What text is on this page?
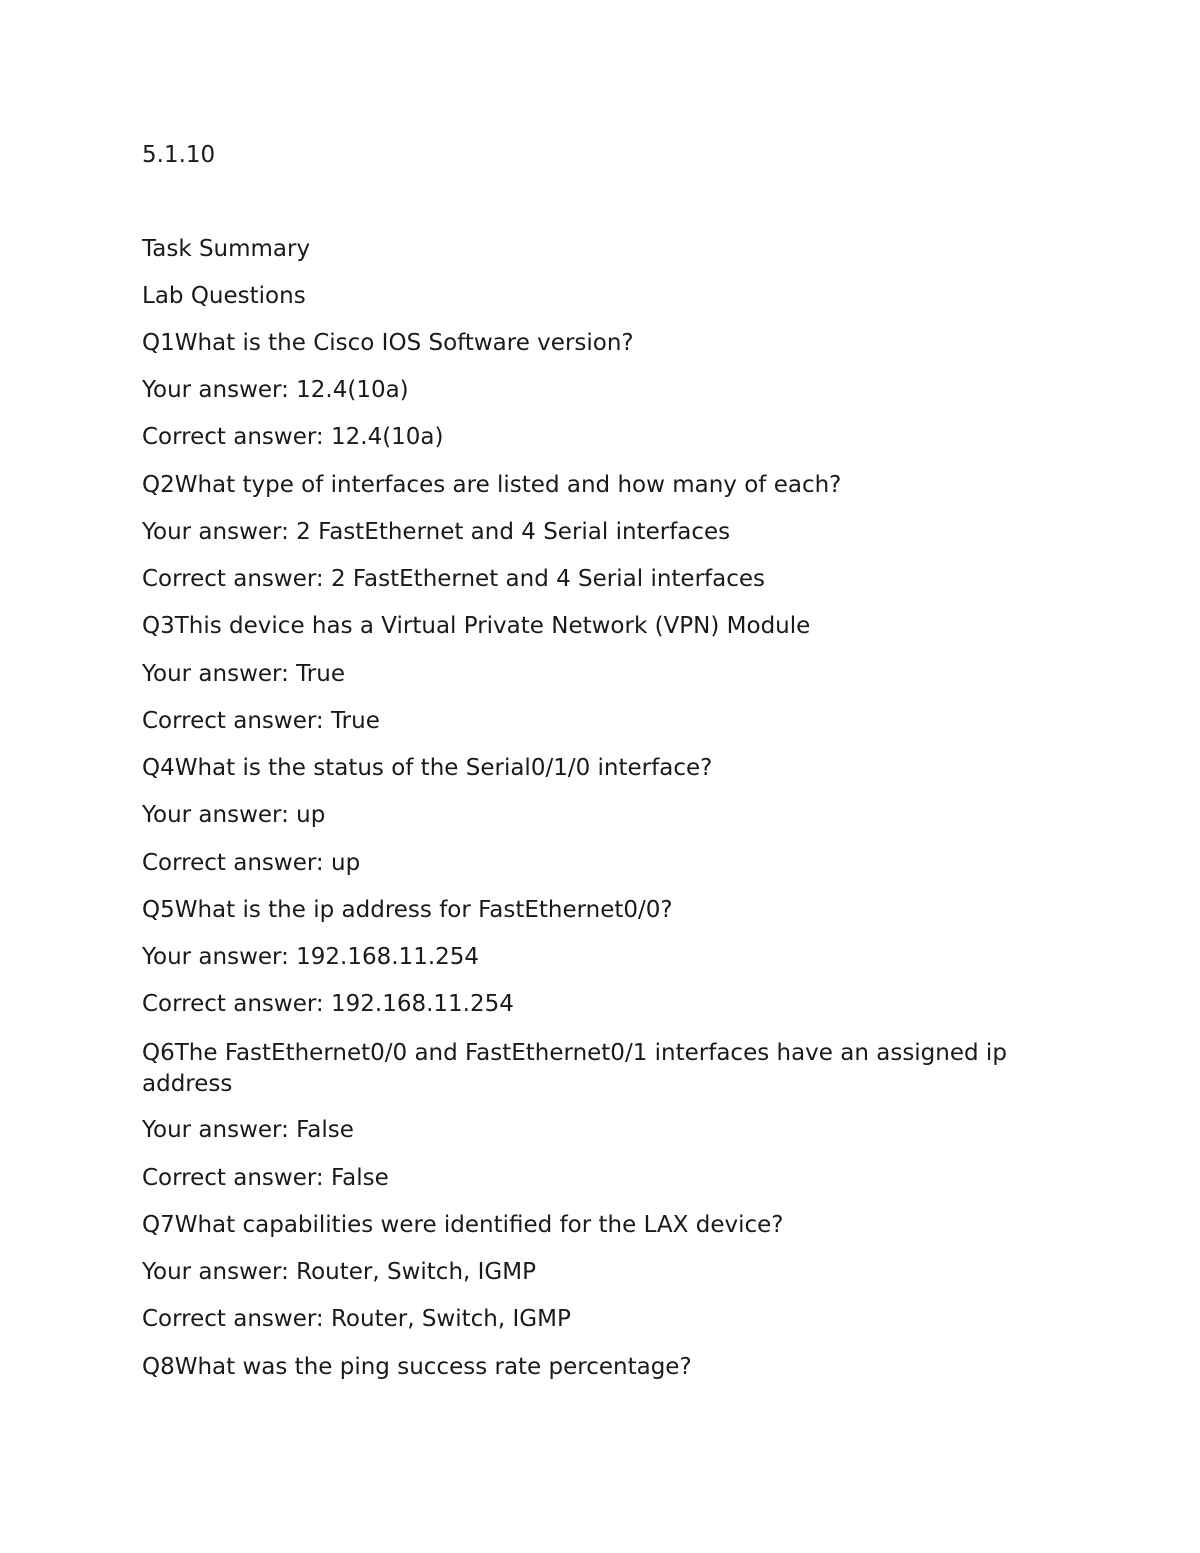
5.1.10
Task Summary
Lab Questions
Q1What is the Cisco IOS Software version?
Your answer: 12.4(10a)
Correct answer: 12.4(10a)
Q2What type of interfaces are listed and how many of each?
Your answer: 2 FastEthernet and 4 Serial interfaces
Correct answer: 2 FastEthernet and 4 Serial interfaces
Q3This device has a Virtual Private Network (VPN) Module
Your answer: True
Correct answer: True
Q4What is the status of the Serial0/1/0 interface?
Your answer: up
Correct answer: up
Q5What is the ip address for FastEthernet0/0?
Your answer: 192.168.11.254
Correct answer: 192.168.11.254
Q6The FastEthernet0/0 and FastEthernet0/1 interfaces have an assigned ip address
Your answer: False
Correct answer: False
Q7What capabilities were identified for the LAX device?
Your answer: Router, Switch, IGMP
Correct answer: Router, Switch, IGMP
Q8What was the ping success rate percentage?
